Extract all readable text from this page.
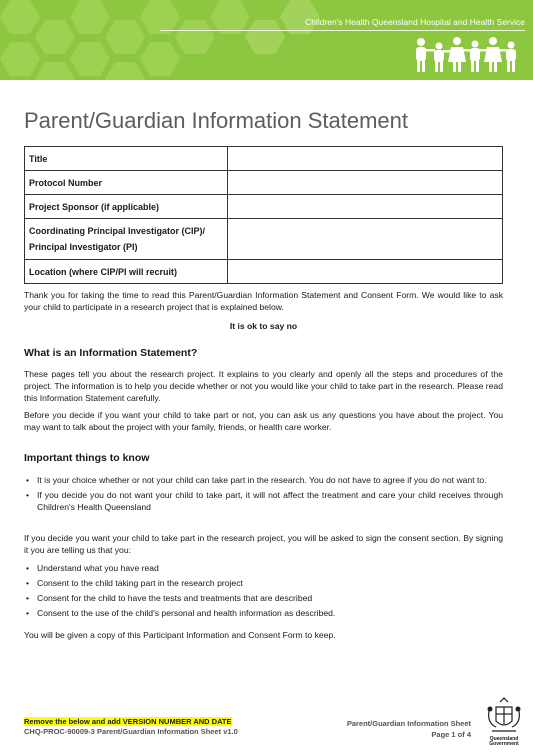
Children's Health Queensland Hospital and Health Service
Parent/Guardian Information Statement
Title	
Protocol Number	
Project Sponsor (if applicable)	

Coordinating Principal Investigator (CIP)/
Principal Investigator (PI)	

Location (where CIP/PI will recruit)	

Thank you for taking the time to read this Parent/Guardian Information Statement and Consent Form. We would like to ask your child to participate in a research project that is explained below.

It is ok to say no

What is an Information Statement?

These pages tell you about the research project. It explains to you clearly and openly all the steps and procedures of the project. The information is to help you decide whether or not you would like your child to take part in the research. Please read this Information Statement carefully.

Before you decide if you want your child to take part or not, you can ask us any questions you have about the project. You may want to talk about the project with your family, friends, or health care worker.

Important things to know
• It is your choice whether or not your child can take part in the research. You do not have to agree if you do not want to.
• If you decide you do not want your child to take part, it will not affect the treatment and care your child receives through Children's Health Queensland

If you decide you want your child to take part in the research project, you will be asked to sign the consent section. By signing it you are telling us that you:

• Understand what you have read
• Consent to the child taking part in the research project
• Consent for the child to have the tests and treatments that are described
• Consent to the use of the child's personal and health information as described.

You will be given a copy of this Participant Information and Consent Form to keep.

Remove the below and add VERSION NUMBER AND DATE
CHQ-PROC-90009-3 Parent/Guardian Information Sheet v1.0
Parent/Guardian Information Sheet
Page 1 of 4	Queensland
Government
